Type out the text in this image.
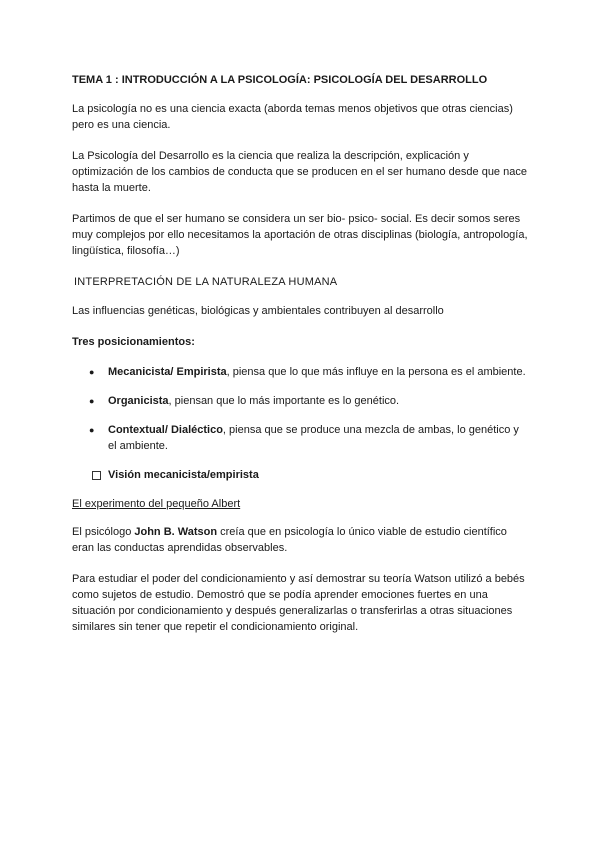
TEMA 1 : INTRODUCCIÓN A LA PSICOLOGÍA: PSICOLOGÍA DEL DESARROLLO

La psicología no es una ciencia exacta (aborda temas menos objetivos que otras ciencias) pero es una ciencia.

La Psicología del Desarrollo es la ciencia que realiza la descripción, explicación y optimización de los cambios de conducta que se producen en el ser humano desde que nace hasta la muerte.

Partimos de que el ser humano se considera un ser bio- psico- social. Es decir somos seres muy complejos por ello necesitamos la aportación de otras disciplinas (biología, antropología, lingüística, filosofía…)

INTERPRETACIÓN DE LA NATURALEZA HUMANA

Las influencias genéticas, biológicas y ambientales contribuyen al desarrollo

Tres posicionamientos:
● Mecanicista/ Empirista, piensa que lo que más influye en la persona es el ambiente.
● Organicista, piensan que lo más importante es lo genético.
● Contextual/ Dialéctico, piensa que se produce una mezcla de ambas, lo genético y el ambiente.
Visión mecanicista/empirista
El experimento del pequeño Albert

El psicólogo John B. Watson creía que en psicología lo único viable de estudio científico eran las conductas aprendidas observables.

Para estudiar el poder del condicionamiento y así demostrar su teoría Watson utilizó a bebés como sujetos de estudio. Demostró que se podía aprender emociones fuertes en una situación por condicionamiento y después generalizarlas o transferirlas a otras situaciones similares sin tener que repetir el condicionamiento original.
